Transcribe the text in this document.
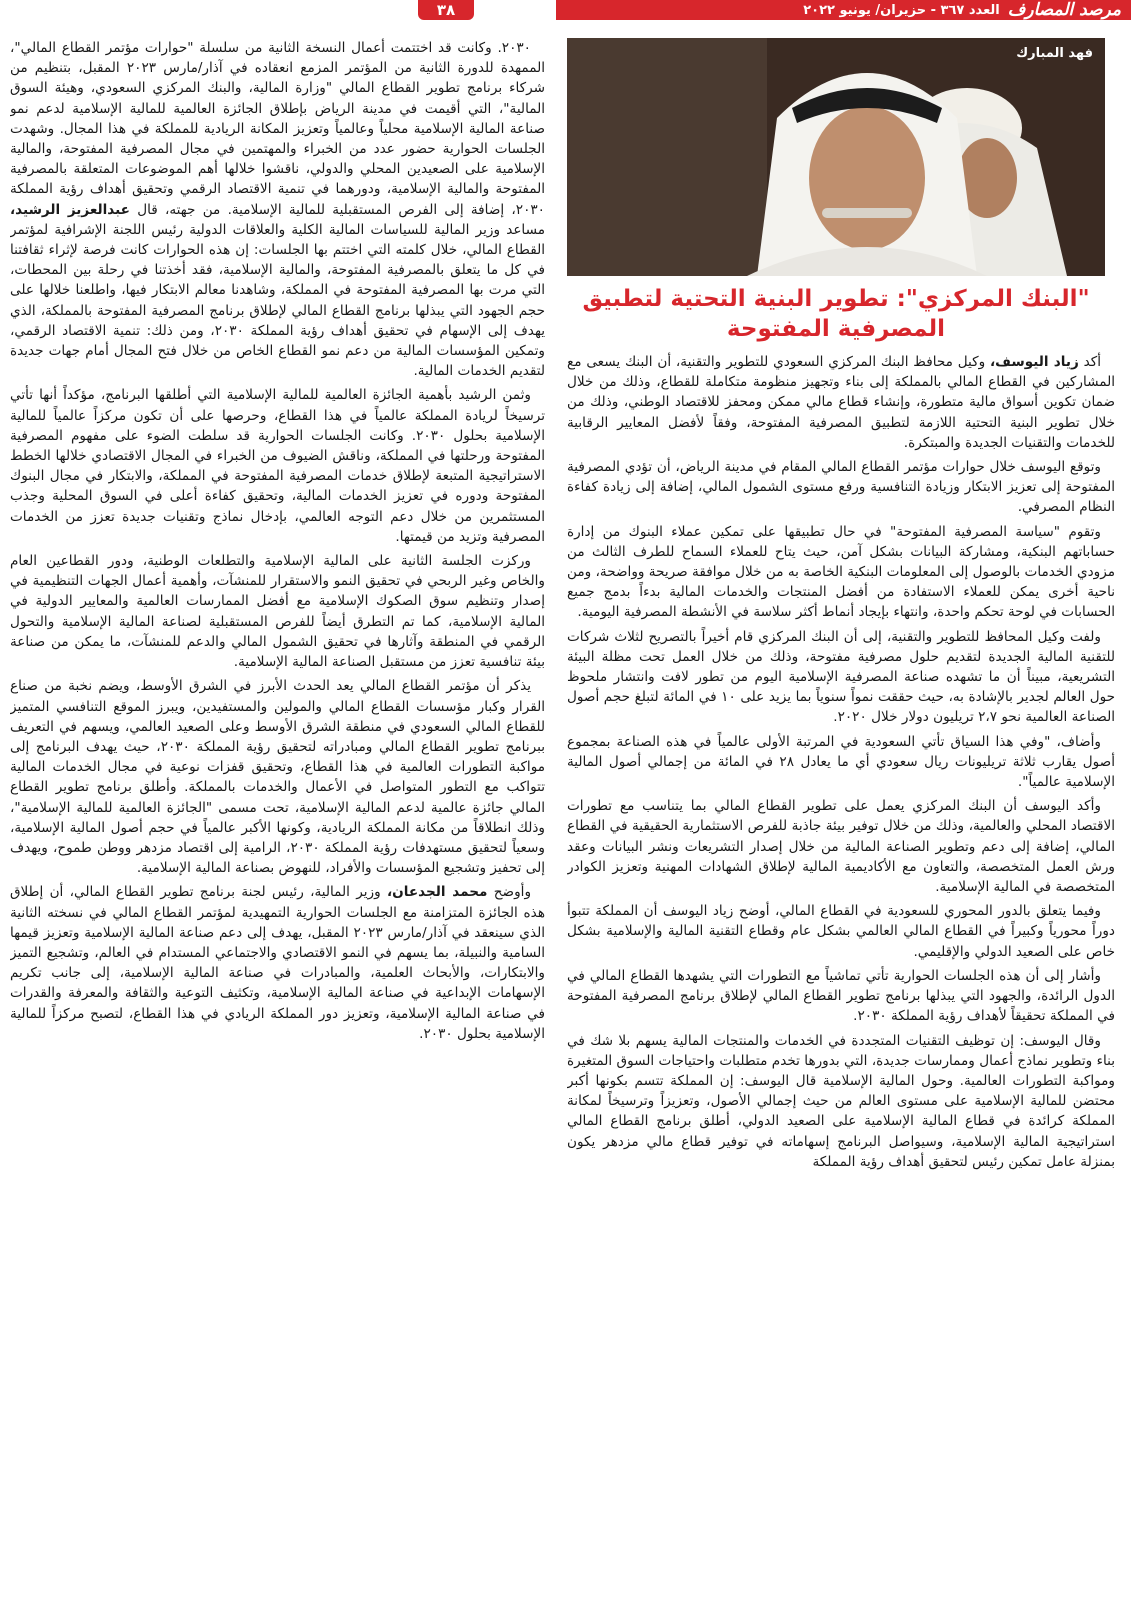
مرصد المصارف
العدد ٣٦٧ - حزيران/ يونيو ٢٠٢٢
٣٨
فهد المبارك
"البنك المركزي": تطوير البنية التحتية لتطبيق المصرفية المفتوحة

أكد زياد اليوسف، وكيل محافظ البنك المركزي السعودي للتطوير والتقنية، أن البنك يسعى مع المشاركين في القطاع المالي بالمملكة إلى بناء وتجهيز منظومة متكاملة للقطاع، وذلك من خلال ضمان تكوين أسواق مالية متطورة، وإنشاء قطاع مالي ممكن ومحفز للاقتصاد الوطني، وذلك من خلال تطوير البنية التحتية اللازمة لتطبيق المصرفية المفتوحة، وفقاً لأفضل المعايير الرقابية للخدمات والتقنيات الجديدة والمبتكرة.

وتوقع اليوسف خلال حوارات مؤتمر القطاع المالي المقام في مدينة الرياض، أن تؤدي المصرفية المفتوحة إلى تعزيز الابتكار وزيادة التنافسية ورفع مستوى الشمول المالي، إضافة إلى زيادة كفاءة النظام المصرفي.

وتقوم "سياسة المصرفية المفتوحة" في حال تطبيقها على تمكين عملاء البنوك من إدارة حساباتهم البنكية، ومشاركة البيانات بشكل آمن، حيث يتاح للعملاء السماح للطرف الثالث من مزودي الخدمات بالوصول إلى المعلومات البنكية الخاصة به من خلال موافقة صريحة وواضحة، ومن ناحية أخرى يمكن للعملاء الاستفادة من أفضل المنتجات والخدمات المالية بدءاً بدمج جميع الحسابات في لوحة تحكم واحدة، وانتهاء بإيجاد أنماط أكثر سلاسة في الأنشطة المصرفية اليومية.

ولفت وكيل المحافظ للتطوير والتقنية، إلى أن البنك المركزي قام أخيراً بالتصريح لثلاث شركات للتقنية المالية الجديدة لتقديم حلول مصرفية مفتوحة، وذلك من خلال العمل تحت مظلة البيئة التشريعية، مبيناً أن ما تشهده صناعة المصرفية الإسلامية اليوم من تطور لافت وانتشار ملحوظ حول العالم لجدير بالإشادة به، حيث حققت نمواً سنوياً بما يزيد على ١٠ في المائة لتبلغ حجم أصول الصناعة العالمية نحو ٢،٧ تريليون دولار خلال ٢٠٢٠.

وأضاف، "وفي هذا السياق تأتي السعودية في المرتبة الأولى عالمياً في هذه الصناعة بمجموع أصول يقارب ثلاثة تريليونات ريال سعودي أي ما يعادل ٢٨ في المائة من إجمالي أصول المالية الإسلامية عالمياً".

وأكد اليوسف أن البنك المركزي يعمل على تطوير القطاع المالي بما يتناسب مع تطورات الاقتصاد المحلي والعالمية، وذلك من خلال توفير بيئة جاذبة للفرص الاستثمارية الحقيقية في القطاع المالي، إضافة إلى دعم وتطوير الصناعة المالية من خلال إصدار التشريعات ونشر البيانات وعقد ورش العمل المتخصصة، والتعاون مع الأكاديمية المالية لإطلاق الشهادات المهنية وتعزيز الكوادر المتخصصة في المالية الإسلامية.

وفيما يتعلق بالدور المحوري للسعودية في القطاع المالي، أوضح زياد اليوسف أن المملكة تتبوأ دوراً محورياً وكبيراً في القطاع المالي العالمي بشكل عام وقطاع التقنية المالية والإسلامية بشكل خاص على الصعيد الدولي والإقليمي.

وأشار إلى أن هذه الجلسات الحوارية تأتي تماشياً مع التطورات التي يشهدها القطاع المالي في الدول الرائدة، والجهود التي يبذلها برنامج تطوير القطاع المالي لإطلاق برنامج المصرفية المفتوحة في المملكة تحقيقاً لأهداف رؤية المملكة ٢٠٣٠.

وقال اليوسف: إن توظيف التقنيات المتجددة في الخدمات والمنتجات المالية يسهم بلا شك في بناء وتطوير نماذج أعمال وممارسات جديدة، التي بدورها تخدم متطلبات واحتياجات السوق المتغيرة ومواكبة التطورات العالمية. وحول المالية الإسلامية قال اليوسف: إن المملكة تتسم بكونها أكبر محتضن للمالية الإسلامية على مستوى العالم من حيث إجمالي الأصول، وتعزيزاً وترسيخاً لمكانة المملكة كرائدة في قطاع المالية الإسلامية على الصعيد الدولي، أطلق برنامج القطاع المالي استراتيجية المالية الإسلامية، وسيواصل البرنامج إسهاماته في توفير قطاع مالي مزدهر يكون بمنزلة عامل تمكين رئيس لتحقيق أهداف رؤية المملكة

٢٠٣٠. وكانت قد اختتمت أعمال النسخة الثانية من سلسلة "حوارات مؤتمر القطاع المالي"، الممهدة للدورة الثانية من المؤتمر المزمع انعقاده في آذار/مارس ٢٠٢٣ المقبل، بتنظيم من شركاء برنامج تطوير القطاع المالي "وزارة المالية، والبنك المركزي السعودي، وهيئة السوق المالية"، التي أقيمت في مدينة الرياض بإطلاق الجائزة العالمية للمالية الإسلامية لدعم نمو صناعة المالية الإسلامية محلياً وعالمياً وتعزيز المكانة الريادية للمملكة في هذا المجال. وشهدت الجلسات الحوارية حضور عدد من الخبراء والمهتمين في مجال المصرفية المفتوحة، والمالية الإسلامية على الصعيدين المحلي والدولي، ناقشوا خلالها أهم الموضوعات المتعلقة بالمصرفية المفتوحة والمالية الإسلامية، ودورهما في تنمية الاقتصاد الرقمي وتحقيق أهداف رؤية المملكة ٢٠٣٠، إضافة إلى الفرص المستقبلية للمالية الإسلامية. من جهته، قال عبدالعزيز الرشيد، مساعد وزير المالية للسياسات المالية الكلية والعلاقات الدولية رئيس اللجنة الإشرافية لمؤتمر القطاع المالي، خلال كلمته التي اختتم بها الجلسات: إن هذه الحوارات كانت فرصة لإثراء ثقافتنا في كل ما يتعلق بالمصرفية المفتوحة، والمالية الإسلامية، فقد أخذتنا في رحلة بين المحطات، التي مرت بها المصرفية المفتوحة في المملكة، وشاهدنا معالم الابتكار فيها، واطلعنا خلالها على حجم الجهود التي يبذلها برنامج القطاع المالي لإطلاق برنامج المصرفية المفتوحة بالمملكة، الذي يهدف إلى الإسهام في تحقيق أهداف رؤية المملكة ٢٠٣٠، ومن ذلك: تنمية الاقتصاد الرقمي، وتمكين المؤسسات المالية من دعم نمو القطاع الخاص من خلال فتح المجال أمام جهات جديدة لتقديم الخدمات المالية.

وثمن الرشيد بأهمية الجائزة العالمية للمالية الإسلامية التي أطلقها البرنامج، مؤكداً أنها تأتي ترسيخاً لريادة المملكة عالمياً في هذا القطاع، وحرصها على أن تكون مركزاً عالمياً للمالية الإسلامية بحلول ٢٠٣٠. وكانت الجلسات الحوارية قد سلطت الضوء على مفهوم المصرفية المفتوحة ورحلتها في المملكة، وناقش الضيوف من الخبراء في المجال الاقتصادي خلالها الخطط الاستراتيجية المتبعة لإطلاق خدمات المصرفية المفتوحة في المملكة، والابتكار في مجال البنوك المفتوحة ودوره في تعزيز الخدمات المالية، وتحقيق كفاءة أعلى في السوق المحلية وجذب المستثمرين من خلال دعم التوجه العالمي، بإدخال نماذج وتقنيات جديدة تعزز من الخدمات المصرفية وتزيد من قيمتها.

وركزت الجلسة الثانية على المالية الإسلامية والتطلعات الوطنية، ودور القطاعين العام والخاص وغير الربحي في تحقيق النمو والاستقرار للمنشآت، وأهمية أعمال الجهات التنظيمية في إصدار وتنظيم سوق الصكوك الإسلامية مع أفضل الممارسات العالمية والمعايير الدولية في المالية الإسلامية، كما تم التطرق أيضاً للفرص المستقبلية لصناعة المالية الإسلامية والتحول الرقمي في المنطقة وآثارها في تحقيق الشمول المالي والدعم للمنشآت، ما يمكن من صناعة بيئة تنافسية تعزز من مستقبل الصناعة المالية الإسلامية.

يذكر أن مؤتمر القطاع المالي يعد الحدث الأبرز في الشرق الأوسط، ويضم نخبة من صناع القرار وكبار مؤسسات القطاع المالي والمولين والمستفيدين، ويبرز الموقع التنافسي المتميز للقطاع المالي السعودي في منطقة الشرق الأوسط وعلى الصعيد العالمي، ويسهم في التعريف ببرنامج تطوير القطاع المالي ومبادراته لتحقيق رؤية المملكة ٢٠٣٠، حيث يهدف البرنامج إلى مواكبة التطورات العالمية في هذا القطاع، وتحقيق قفزات نوعية في مجال الخدمات المالية تتواكب مع التطور المتواصل في الأعمال والخدمات بالمملكة. وأطلق برنامج تطوير القطاع المالي جائزة عالمية لدعم المالية الإسلامية، تحت مسمى "الجائزة العالمية للمالية الإسلامية"، وذلك انطلاقاً من مكانة المملكة الريادية، وكونها الأكبر عالمياً في حجم أصول المالية الإسلامية، وسعياً لتحقيق مستهدفات رؤية المملكة ٢٠٣٠، الرامية إلى اقتصاد مزدهر ووطن طموح، ويهدف إلى تحفيز وتشجيع المؤسسات والأفراد، للنهوض بصناعة المالية الإسلامية.

وأوضح محمد الجدعان، وزير المالية، رئيس لجنة برنامج تطوير القطاع المالي، أن إطلاق هذه الجائزة المتزامنة مع الجلسات الحوارية التمهيدية لمؤتمر القطاع المالي في نسخته الثانية الذي سينعقد في آذار/مارس ٢٠٢٣ المقبل، يهدف إلى دعم صناعة المالية الإسلامية وتعزيز قيمها السامية والنبيلة، بما يسهم في النمو الاقتصادي والاجتماعي المستدام في العالم، وتشجيع التميز والابتكارات، والأبحاث العلمية، والمبادرات في صناعة المالية الإسلامية، إلى جانب تكريم الإسهامات الإبداعية في صناعة المالية الإسلامية، وتكثيف التوعية والثقافة والمعرفة والقدرات في صناعة المالية الإسلامية، وتعزيز دور المملكة الريادي في هذا القطاع، لتصبح مركزاً للمالية الإسلامية بحلول ٢٠٣٠.
